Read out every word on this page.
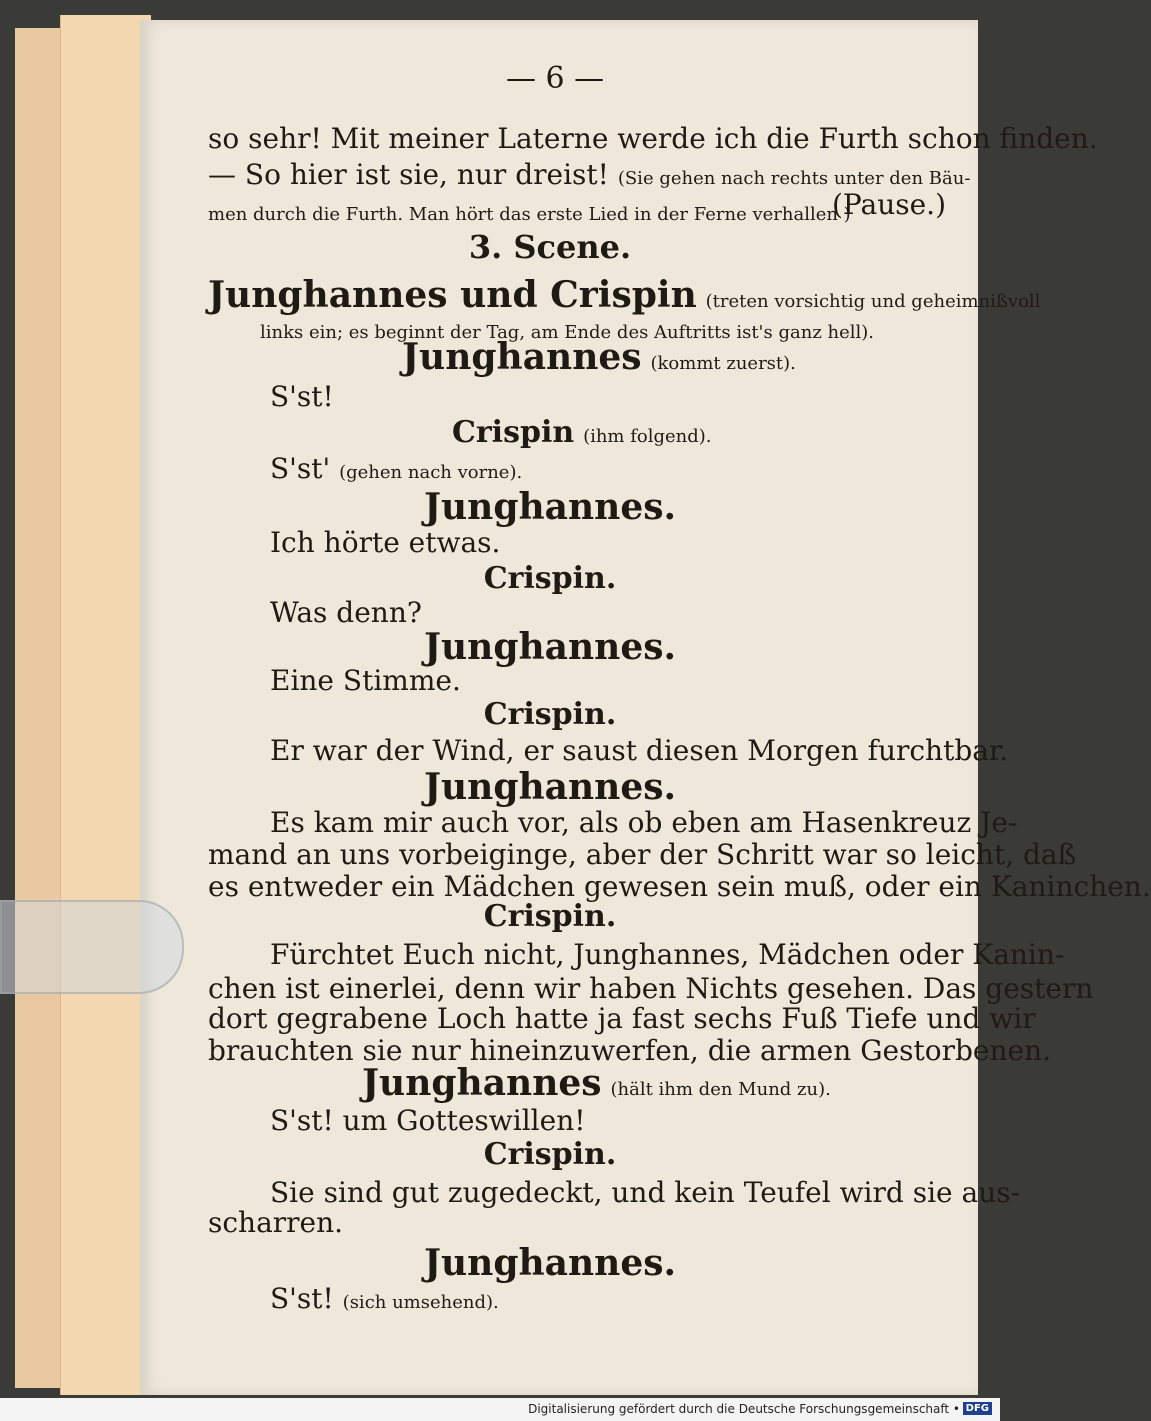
— 6 —
so sehr! Mit meiner Laterne werde ich die Furth schon finden.
— So hier ist sie, nur dreist! (Sie gehen nach rechts unter den Bäu-
men durch die Furth. Man hört das erste Lied in der Ferne verhallen )
(Pause.)
3. Scene.
Junghannes und Crispin (treten vorsichtig und geheimnißvoll
links ein; es beginnt der Tag, am Ende des Auftritts ist's ganz hell).
Junghannes (kommt zuerst).
S'st!
Crispin (ihm folgend).
S'st' (gehen nach vorne).
Junghannes.
Ich hörte etwas.
Crispin.
Was denn?
Junghannes.
Eine Stimme.
Crispin.
Er war der Wind, er saust diesen Morgen furchtbar.
Junghannes.
Es kam mir auch vor, als ob eben am Hasenkreuz Je-
mand an uns vorbeiginge, aber der Schritt war so leicht, daß
es entweder ein Mädchen gewesen sein muß, oder ein Kaninchen.
Crispin.
Fürchtet Euch nicht, Junghannes, Mädchen oder Kanin-
chen ist einerlei, denn wir haben Nichts gesehen. Das gestern
dort gegrabene Loch hatte ja fast sechs Fuß Tiefe und wir
brauchten sie nur hineinzuwerfen, die armen Gestorbenen.
Junghannes (hält ihm den Mund zu).
S'st! um Gotteswillen!
Crispin.
Sie sind gut zugedeckt, und kein Teufel wird sie aus-
scharren.
Junghannes.
S'st! (sich umsehend).
Digitalisierung gefördert durch die Deutsche Forschungsgemeinschaft • DFG
